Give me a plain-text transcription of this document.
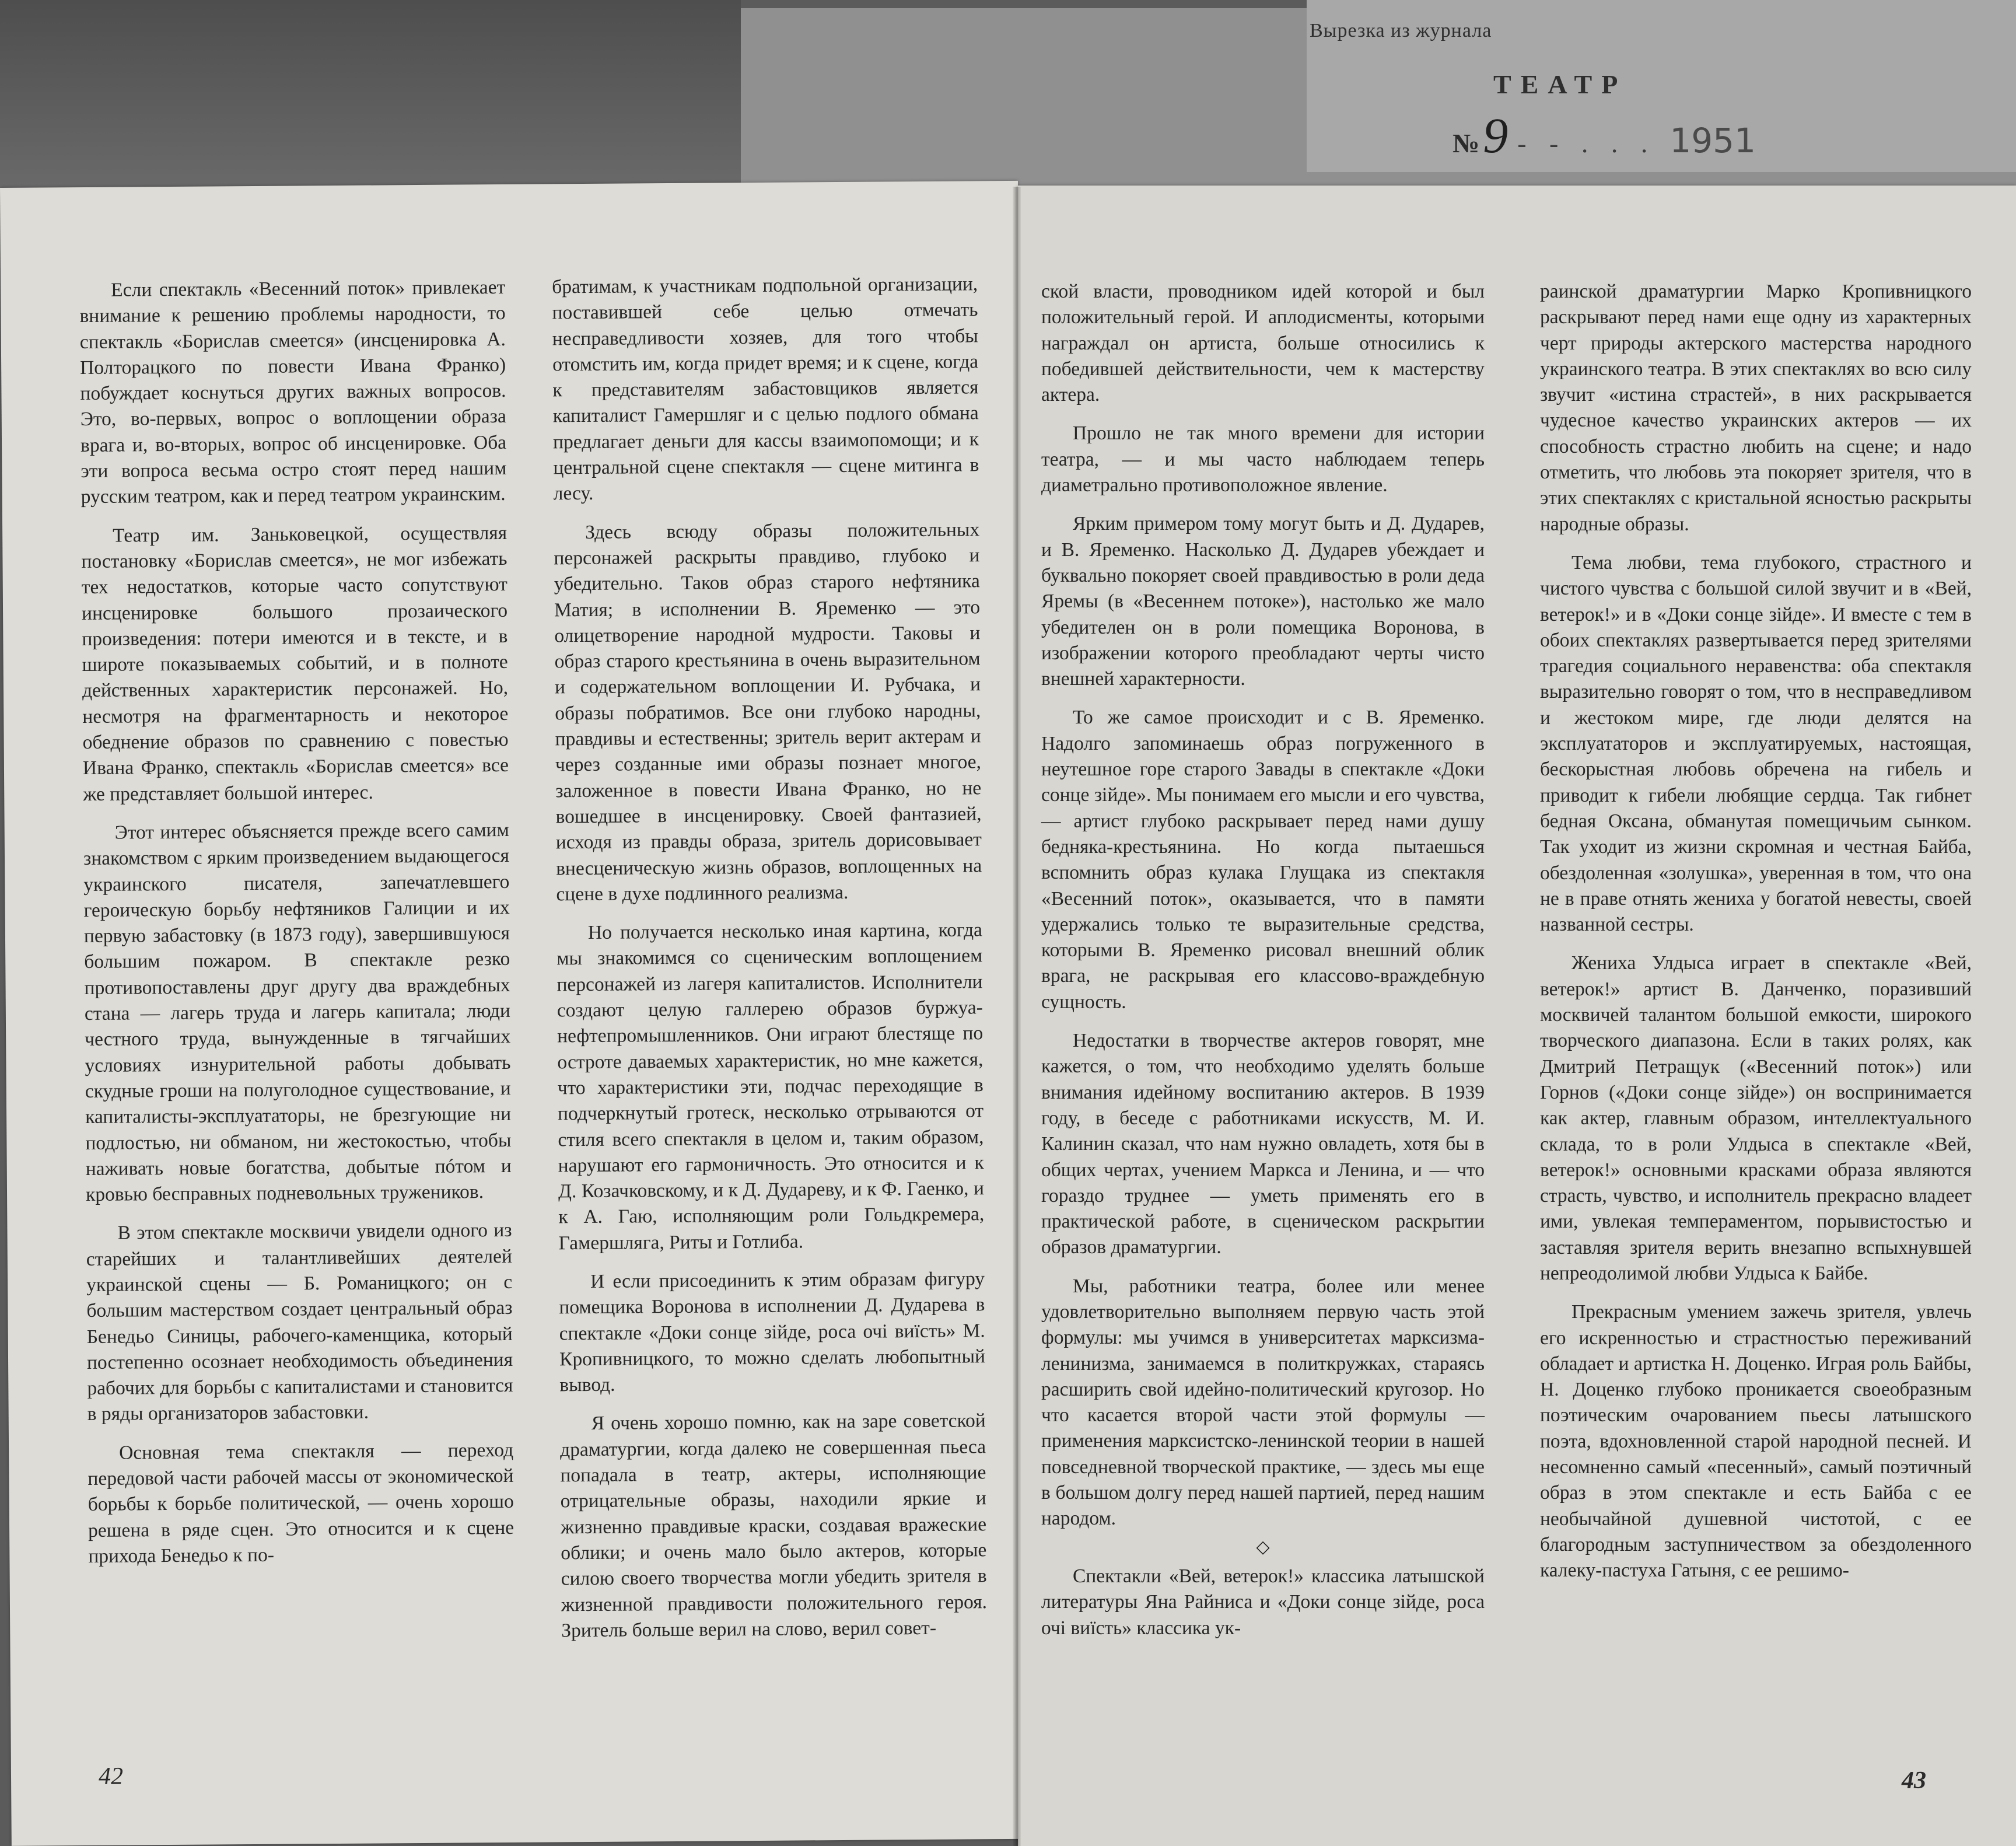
Вырезка из журнала
ТЕАТР
№ 9 - - . . . 1951

Если спектакль «Весенний поток» привлекает внимание к решению проблемы народности, то спектакль «Борислав смеется» (инсценировка А. Полторацкого по повести Ивана Франко) побуждает коснуться других важных вопросов. Это, во-первых, вопрос о воплощении образа врага и, во-вторых, вопрос об инсценировке. Оба эти вопроса весьма остро стоят перед нашим русским театром, как и перед театром украинским.

Театр им. Заньковецкой, осуществляя постановку «Борислав смеется», не мог избежать тех недостатков, которые часто сопутствуют инсценировке большого прозаического произведения: потери имеются и в тексте, и в широте показываемых событий, и в полноте действенных характеристик персонажей. Но, несмотря на фрагментарность и некоторое обеднение образов по сравнению с повестью Ивана Франко, спектакль «Борислав смеется» все же представляет большой интерес.

Этот интерес объясняется прежде всего самим знакомством с ярким произведением выдающегося украинского писателя, запечатлевшего героическую борьбу нефтяников Галиции и их первую забастовку (в 1873 году), завершившуюся большим пожаром. В спектакле резко противопоставлены друг другу два враждебных стана — лагерь труда и лагерь капитала; люди честного труда, вынужденные в тягчайших условиях изнурительной работы добывать скудные гроши на полуголодное существование, и капиталисты-эксплуататоры, не брезгующие ни подлостью, ни обманом, ни жестокостью, чтобы наживать новые богатства, добытые пóтом и кровью бесправных подневольных тружеников.

В этом спектакле москвичи увидели одного из старейших и талантливейших деятелей украинской сцены — Б. Романицкого; он с большим мастерством создает центральный образ Бенедьо Синицы, рабочего-каменщика, который постепенно осознает необходимость объединения рабочих для борьбы с капиталистами и становится в ряды организаторов забастовки.

Основная тема спектакля — переход передовой части рабочей массы от экономической борьбы к борьбе политической, — очень хорошо решена в ряде сцен. Это относится и к сцене прихода Бенедьо к по-

братимам, к участникам подпольной организации, поставившей себе целью отмечать несправедливости хозяев, для того чтобы отомстить им, когда придет время; и к сцене, когда к представителям забастовщиков является капиталист Гамершляг и с целью подлого обмана предлагает деньги для кассы взаимопомощи; и к центральной сцене спектакля — сцене митинга в лесу.

Здесь всюду образы положительных персонажей раскрыты правдиво, глубоко и убедительно. Таков образ старого нефтяника Матия; в исполнении В. Яременко — это олицетворение народной мудрости. Таковы и образ старого крестьянина в очень выразительном и содержательном воплощении И. Рубчака, и образы побратимов. Все они глубоко народны, правдивы и естественны; зритель верит актерам и через созданные ими образы познает многое, заложенное в повести Ивана Франко, но не вошедшее в инсценировку. Своей фантазией, исходя из правды образа, зритель дорисовывает внесценическую жизнь образов, воплощенных на сцене в духе подлинного реализма.

Но получается несколько иная картина, когда мы знакомимся со сценическим воплощением персонажей из лагеря капиталистов. Исполнители создают целую галлерею образов буржуа-нефтепромышленников. Они играют блестяще по остроте даваемых характеристик, но мне кажется, что характеристики эти, подчас переходящие в подчеркнутый гротеск, несколько отрываются от стиля всего спектакля в целом и, таким образом, нарушают его гармоничность. Это относится и к Д. Козачковскому, и к Д. Дудареву, и к Ф. Гаенко, и к А. Гаю, исполняющим роли Гольдкремера, Гамершляга, Риты и Готлиба.

И если присоединить к этим образам фигуру помещика Воронова в исполнении Д. Дударева в спектакле «Доки сонце зійде, роса очі виїсть» М. Кропивницкого, то можно сделать любопытный вывод.

Я очень хорошо помню, как на заре советской драматургии, когда далеко не совершенная пьеса попадала в театр, актеры, исполняющие отрицательные образы, находили яркие и жизненно правдивые краски, создавая вражеские облики; и очень мало было актеров, которые силою своего творчества могли убедить зрителя в жизненной правдивости положительного героя. Зритель больше верил на слово, верил совет-

42

ской власти, проводником идей которой и был положительный герой. И аплодисменты, которыми награждал он артиста, больше относились к победившей действительности, чем к мастерству актера.

Прошло не так много времени для истории театра, — и мы часто наблюдаем теперь диаметрально противоположное явление.

Ярким примером тому могут быть и Д. Дударев, и В. Яременко. Насколько Д. Дударев убеждает и буквально покоряет своей правдивостью в роли деда Яремы (в «Весеннем потоке»), настолько же мало убедителен он в роли помещика Воронова, в изображении которого преобладают черты чисто внешней характерности.

То же самое происходит и с В. Яременко. Надолго запоминаешь образ погруженного в неутешное горе старого Завады в спектакле «Доки сонце зійде». Мы понимаем его мысли и его чувства, — артист глубоко раскрывает перед нами душу бедняка-крестьянина. Но когда пытаешься вспомнить образ кулака Глущака из спектакля «Весенний поток», оказывается, что в памяти удержались только те выразительные средства, которыми В. Яременко рисовал внешний облик врага, не раскрывая его классово-враждебную сущность.

Недостатки в творчестве актеров говорят, мне кажется, о том, что необходимо уделять больше внимания идейному воспитанию актеров. В 1939 году, в беседе с работниками искусств, М. И. Калинин сказал, что нам нужно овладеть, хотя бы в общих чертах, учением Маркса и Ленина, и — что гораздо труднее — уметь применять его в практической работе, в сценическом раскрытии образов драматургии.

Мы, работники театра, более или менее удовлетворительно выполняем первую часть этой формулы: мы учимся в университетах марксизма-ленинизма, занимаемся в политкружках, стараясь расширить свой идейно-политический кругозор. Но что касается второй части этой формулы — применения марксистско-ленинской теории в нашей повседневной творческой практике, — здесь мы еще в большом долгу перед нашей партией, перед нашим народом.

◇

Спектакли «Вей, ветерок!» классика латышской литературы Яна Райниса и «Доки сонце зійде, роса очі виїсть» классика ук-

раинской драматургии Марко Кропивницкого раскрывают перед нами еще одну из характерных черт природы актерского мастерства народного украинского театра. В этих спектаклях во всю силу звучит «истина страстей», в них раскрывается чудесное качество украинских актеров — их способность страстно любить на сцене; и надо отметить, что любовь эта покоряет зрителя, что в этих спектаклях с кристальной ясностью раскрыты народные образы.

Тема любви, тема глубокого, страстного и чистого чувства с большой силой звучит и в «Вей, ветерок!» и в «Доки сонце зійде». И вместе с тем в обоих спектаклях развертывается перед зрителями трагедия социального неравенства: оба спектакля выразительно говорят о том, что в несправедливом и жестоком мире, где люди делятся на эксплуататоров и эксплуатируемых, настоящая, бескорыстная любовь обречена на гибель и приводит к гибели любящие сердца. Так гибнет бедная Оксана, обманутая помещичьим сынком. Так уходит из жизни скромная и честная Байба, обездоленная «золушка», уверенная в том, что она не в праве отнять жениха у богатой невесты, своей названной сестры.

Жениха Улдыса играет в спектакле «Вей, ветерок!» артист В. Данченко, поразивший москвичей талантом большой емкости, широкого творческого диапазона. Если в таких ролях, как Дмитрий Петращук («Весенний поток») или Горнов («Доки сонце зійде») он воспринимается как актер, главным образом, интеллектуального склада, то в роли Улдыса в спектакле «Вей, ветерок!» основными красками образа являются страсть, чувство, и исполнитель прекрасно владеет ими, увлекая темпераментом, порывистостью и заставляя зрителя верить внезапно вспыхнувшей непреодолимой любви Улдыса к Байбе.

Прекрасным умением зажечь зрителя, увлечь его искренностью и страстностью переживаний обладает и артистка Н. Доценко. Играя роль Байбы, Н. Доценко глубоко проникается своеобразным поэтическим очарованием пьесы латышского поэта, вдохновленной старой народной песней. И несомненно самый «песенный», самый поэтичный образ в этом спектакле и есть Байба с ее необычайной душевной чистотой, с ее благородным заступничеством за обездоленного калеку-пастуха Гатыня, с ее решимо-

43
